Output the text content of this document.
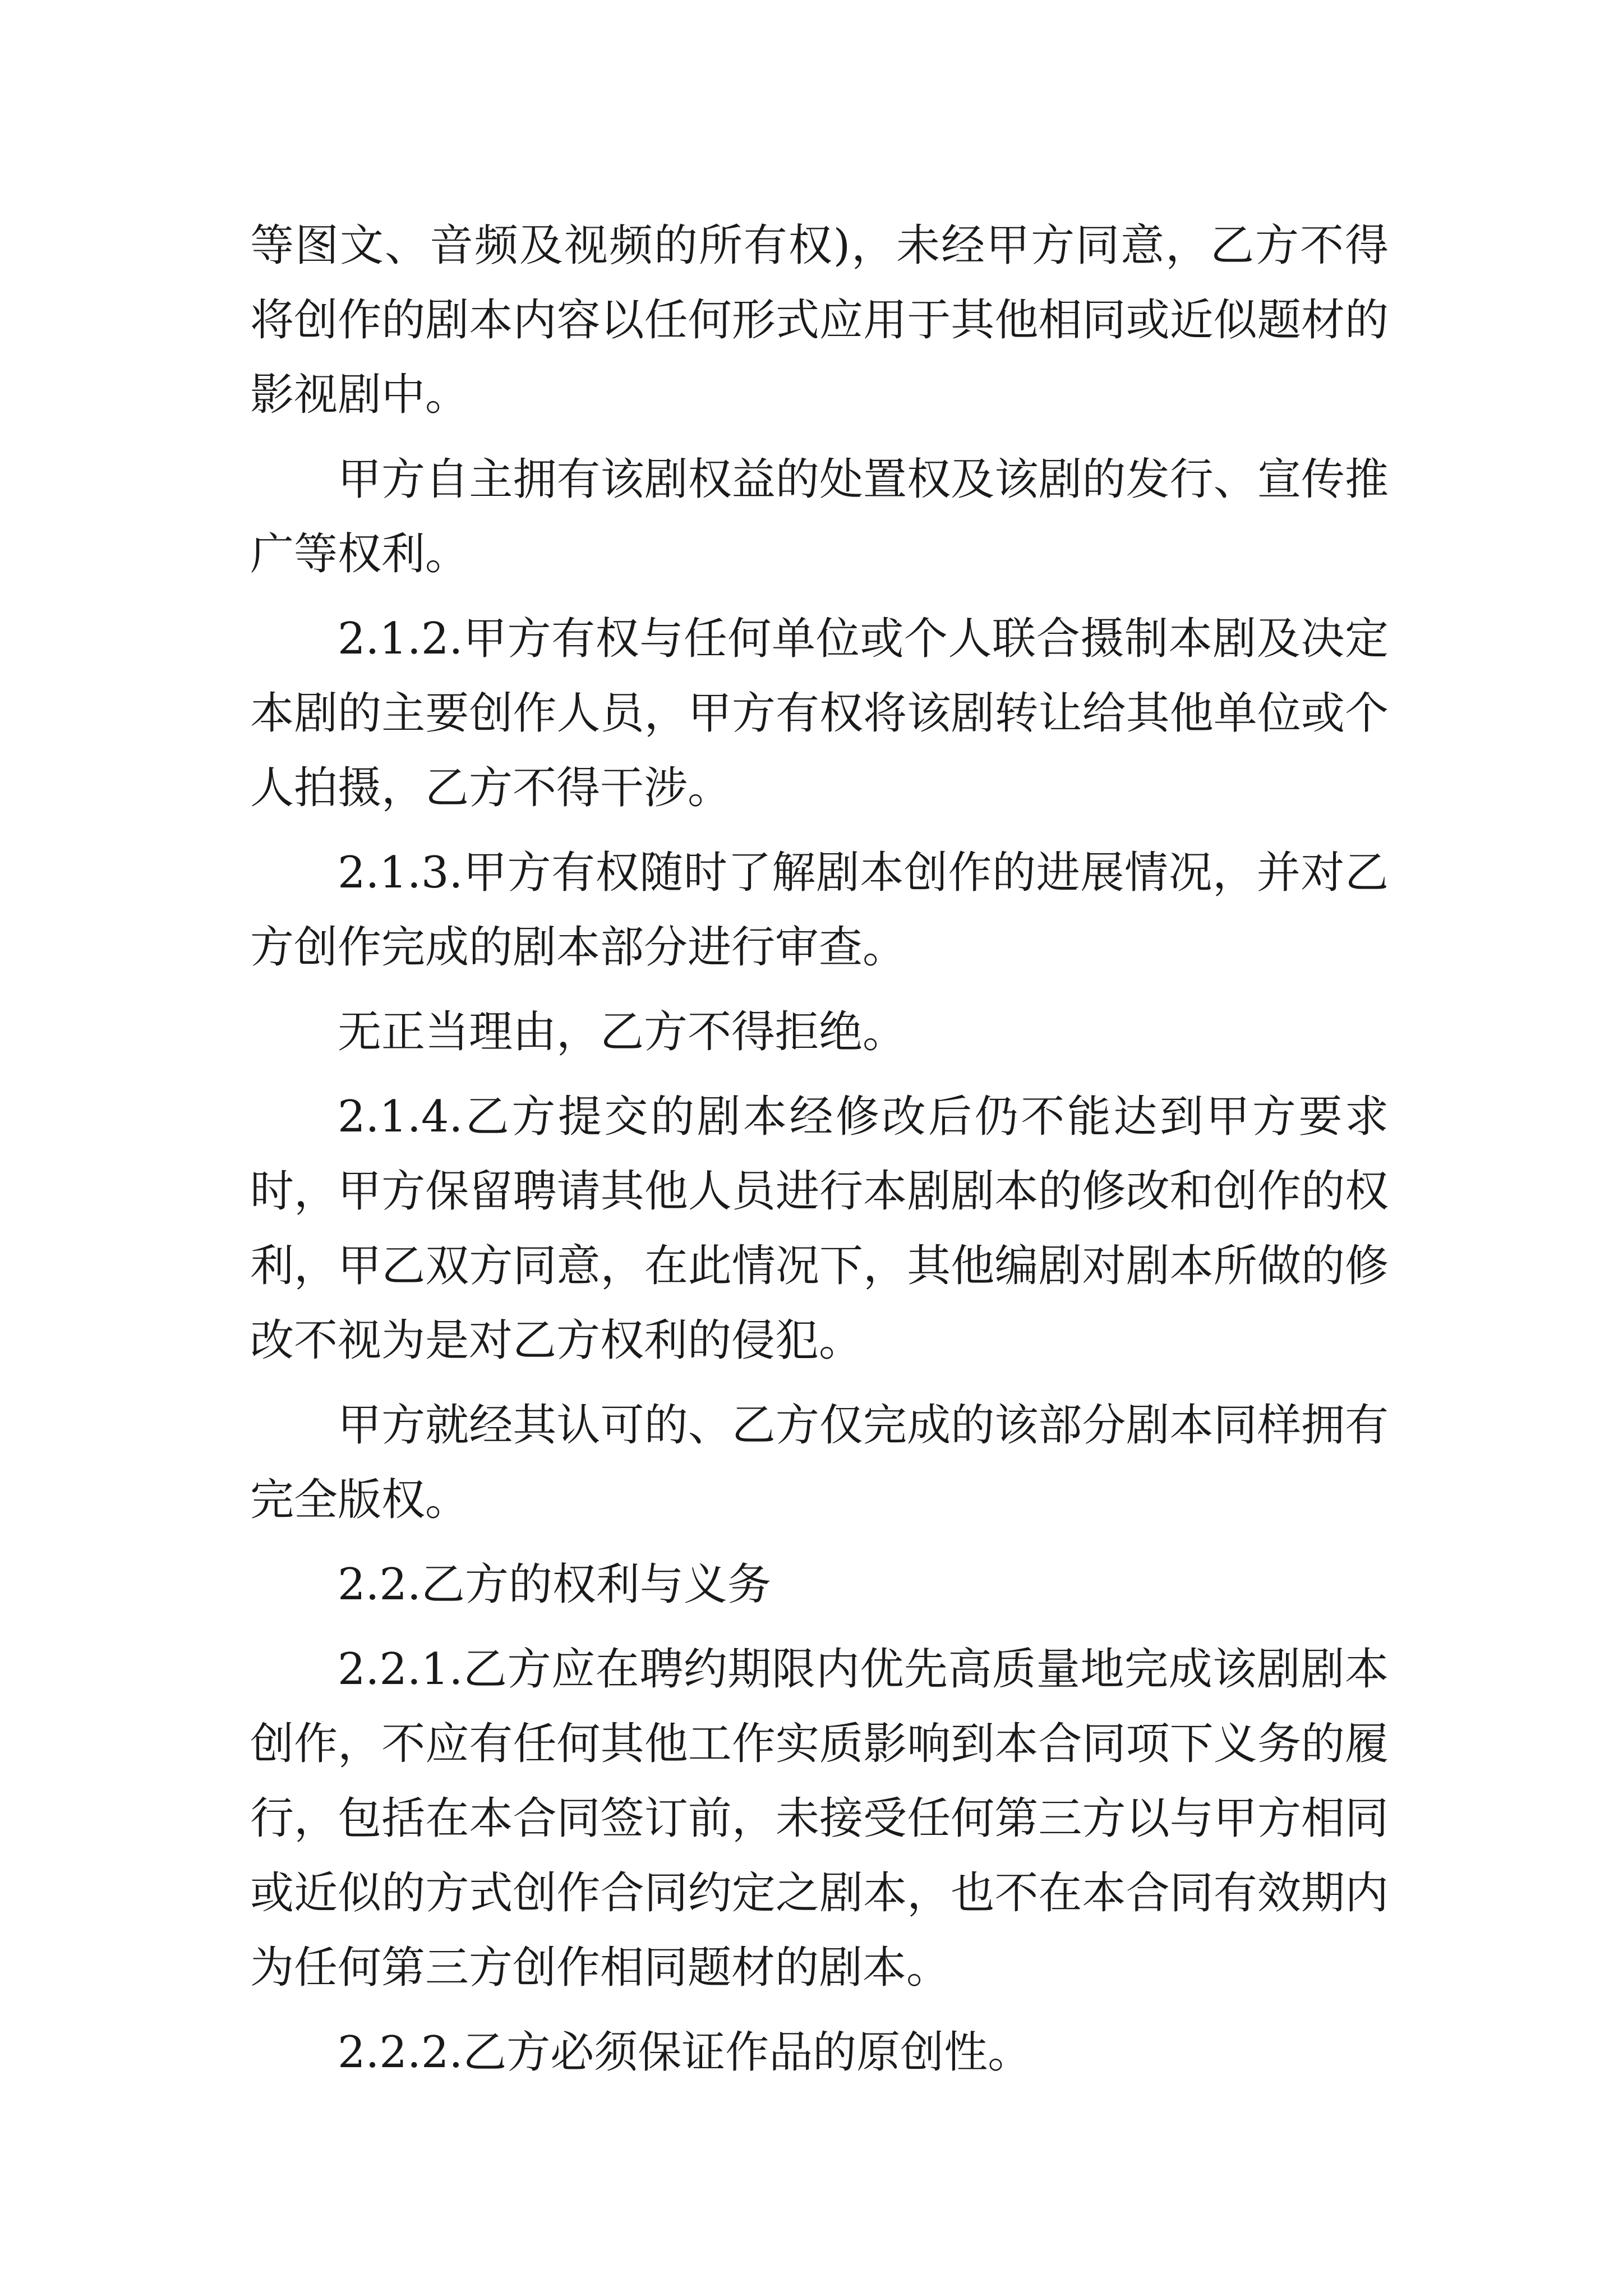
等图文、音频及视频的所有权)，未经甲方同意，乙方不得将创作的剧本内容以任何形式应用于其他相同或近似题材的影视剧中。

甲方自主拥有该剧权益的处置权及该剧的发行、宣传推广等权利。

2.1.2.甲方有权与任何单位或个人联合摄制本剧及决定本剧的主要创作人员，甲方有权将该剧转让给其他单位或个人拍摄，乙方不得干涉。

2.1.3.甲方有权随时了解剧本创作的进展情况，并对乙方创作完成的剧本部分进行审查。

无正当理由，乙方不得拒绝。

2.1.4.乙方提交的剧本经修改后仍不能达到甲方要求时，甲方保留聘请其他人员进行本剧剧本的修改和创作的权利，甲乙双方同意，在此情况下，其他编剧对剧本所做的修改不视为是对乙方权利的侵犯。

甲方就经其认可的、乙方仅完成的该部分剧本同样拥有完全版权。

2.2.乙方的权利与义务

2.2.1.乙方应在聘约期限内优先高质量地完成该剧剧本创作，不应有任何其他工作实质影响到本合同项下义务的履行，包括在本合同签订前，未接受任何第三方以与甲方相同或近似的方式创作合同约定之剧本，也不在本合同有效期内为任何第三方创作相同题材的剧本。

2.2.2.乙方必须保证作品的原创性。
